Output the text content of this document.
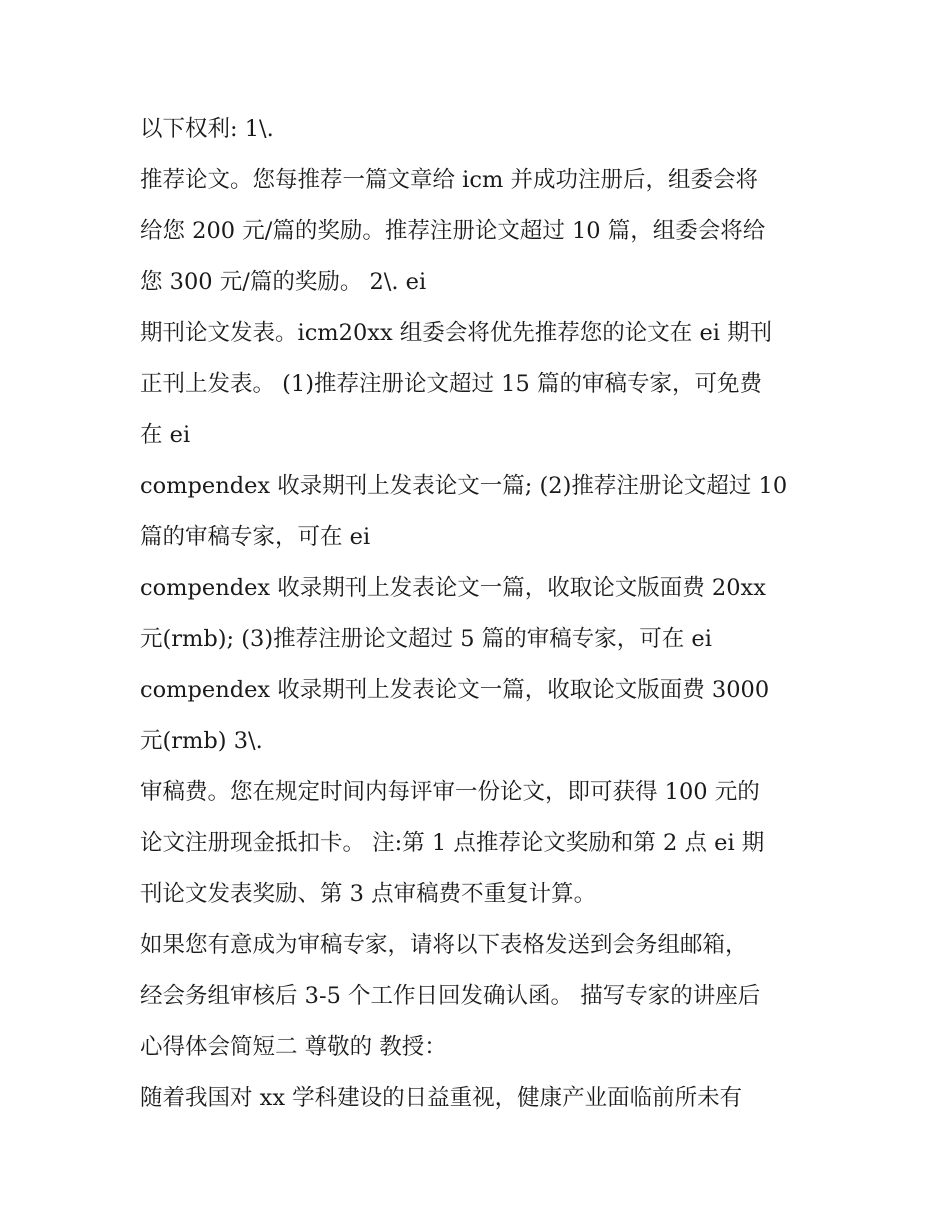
以下权利: 1\.
推荐论文。您每推荐一篇文章给 icm 并成功注册后，组委会将
给您 200 元/篇的奖励。推荐注册论文超过 10 篇，组委会将给
您 300 元/篇的奖励。 2\. ei
期刊论文发表。icm20xx 组委会将优先推荐您的论文在 ei 期刊
正刊上发表。 (1)推荐注册论文超过 15 篇的审稿专家，可免费
在 ei
compendex 收录期刊上发表论文一篇; (2)推荐注册论文超过 10
篇的审稿专家，可在 ei
compendex 收录期刊上发表论文一篇，收取论文版面费 20xx
元(rmb); (3)推荐注册论文超过 5 篇的审稿专家，可在 ei
compendex 收录期刊上发表论文一篇，收取论文版面费 3000
元(rmb) 3\.
审稿费。您在规定时间内每评审一份论文，即可获得 100 元的
论文注册现金抵扣卡。 注:第 1 点推荐论文奖励和第 2 点 ei 期
刊论文发表奖励、第 3 点审稿费不重复计算。
如果您有意成为审稿专家，请将以下表格发送到会务组邮箱，
经会务组审核后 3-5 个工作日回发确认函。 描写专家的讲座后
心得体会简短二 尊敬的 教授：
随着我国对 xx 学科建设的日益重视，健康产业面临前所未有
